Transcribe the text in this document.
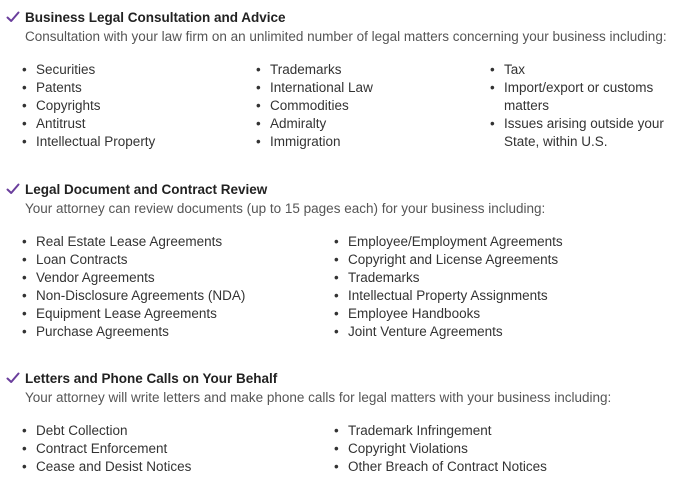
Business Legal Consultation and Advice
Consultation with your law firm on an unlimited number of legal matters concerning your business including:
• Securities
• Patents
• Copyrights
• Antitrust
• Intellectual Property
• Trademarks
• International Law
• Commodities
• Admiralty
• Immigration
• Tax
• Import/export or customs matters
• Issues arising outside your State, within U.S.
Legal Document and Contract Review
Your attorney can review documents (up to 15 pages each) for your business including:
• Real Estate Lease Agreements
• Loan Contracts
• Vendor Agreements
• Non-Disclosure Agreements (NDA)
• Equipment Lease Agreements
• Purchase Agreements
• Employee/Employment Agreements
• Copyright and License Agreements
• Trademarks
• Intellectual Property Assignments
• Employee Handbooks
• Joint Venture Agreements
Letters and Phone Calls on Your Behalf
Your attorney will write letters and make phone calls for legal matters with your business including:
• Debt Collection
• Contract Enforcement
• Cease and Desist Notices
• Trademark Infringement
• Copyright Violations
• Other Breach of Contract Notices
